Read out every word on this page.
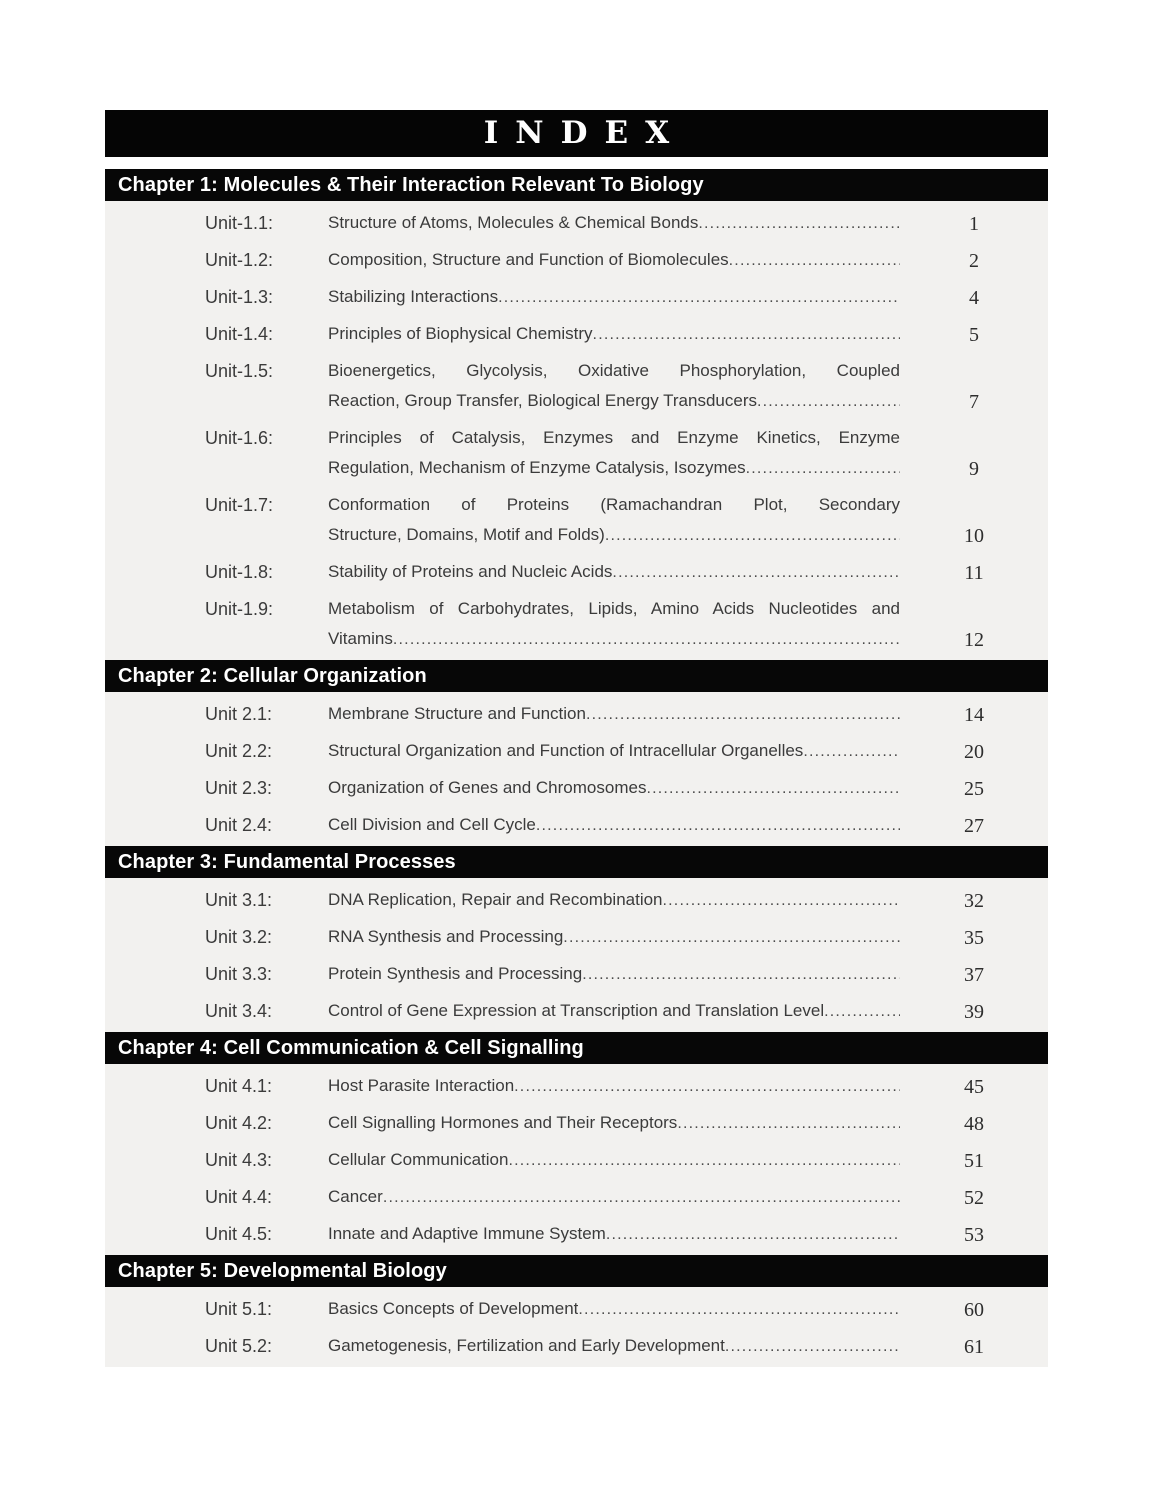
INDEX
Chapter 1: Molecules & Their Interaction Relevant To Biology
Unit-1.1:	Structure of Atoms, Molecules & Chemical Bonds .....	1
Unit-1.2:	Composition, Structure and Function of Biomolecules .....	2
Unit-1.3:	Stabilizing Interactions .....	4
Unit-1.4:	Principles of Biophysical Chemistry .....	5
Unit-1.5:	Bioenergetics, Glycolysis, Oxidative Phosphorylation, Coupled
Reaction, Group Transfer, Biological Energy Transducers .....	7
Unit-1.6:	Principles of Catalysis, Enzymes and Enzyme Kinetics, Enzyme
Regulation, Mechanism of Enzyme Catalysis, Isozymes .....	9
Unit-1.7:	Conformation of Proteins (Ramachandran Plot, Secondary
Structure, Domains, Motif and Folds) .....	10
Unit-1.8:	Stability of Proteins and Nucleic Acids .....	11
Unit-1.9:	Metabolism of Carbohydrates, Lipids, Amino Acids Nucleotides and
Vitamins .....	12
Chapter 2: Cellular Organization
Unit 2.1:	Membrane Structure and Function .....	14
Unit 2.2:	Structural Organization and Function of Intracellular Organelles .....	20
Unit 2.3:	Organization of Genes and Chromosomes .....	25
Unit 2.4:	Cell Division and Cell Cycle .....	27
Chapter 3: Fundamental Processes
Unit 3.1:	DNA Replication, Repair and Recombination .....	32
Unit 3.2:	RNA Synthesis and Processing .....	35
Unit 3.3:	Protein Synthesis and Processing .....	37
Unit 3.4:	Control of Gene Expression at Transcription and Translation Level .....	39
Chapter 4: Cell Communication & Cell Signalling
Unit 4.1:	Host Parasite Interaction .....	45
Unit 4.2:	Cell Signalling Hormones and Their Receptors .....	48
Unit 4.3:	Cellular Communication .....	51
Unit 4.4:	Cancer .....	52
Unit 4.5:	Innate and Adaptive Immune System .....	53
Chapter 5: Developmental Biology
Unit 5.1:	Basics Concepts of Development .....	60
Unit 5.2:	Gametogenesis, Fertilization and Early Development .....	61
